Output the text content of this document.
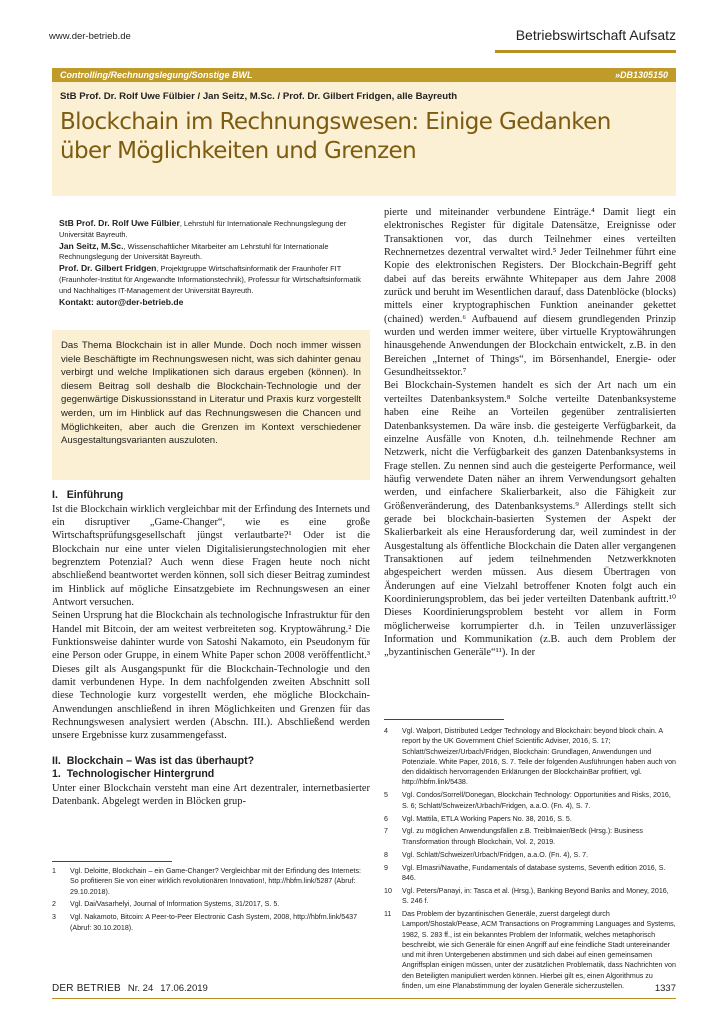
www.der-betrieb.de	Betriebswirtschaft Aufsatz
Controlling/Rechnungslegung/Sonstige BWL	»DB1305150
StB Prof. Dr. Rolf Uwe Fülbier / Jan Seitz, M.Sc. / Prof. Dr. Gilbert Fridgen, alle Bayreuth
Blockchain im Rechnungswesen: Einige Gedanken
über Möglichkeiten und Grenzen

StB Prof. Dr. Rolf Uwe Fülbier, Lehrstuhl für Internationale Rechnungslegung der Universität Bayreuth.

Jan Seitz, M.Sc., Wissenschaftlicher Mitarbeiter am Lehrstuhl für Internationale Rechnungslegung der Universität Bayreuth.

Prof. Dr. Gilbert Fridgen, Projektgruppe Wirtschaftsinformatik der Fraunhofer FIT (Fraunhofer-Institut für Angewandte Informationstechnik), Professur für Wirtschaftsinformatik und Nachhaltiges IT-Management der Universität Bayreuth.

Kontakt: autor@der-betrieb.de

Das Thema Blockchain ist in aller Munde. Doch noch immer wissen viele Beschäftigte im Rechnungswesen nicht, was sich dahinter genau verbirgt und welche Implikationen sich daraus ergeben (können). In diesem Beitrag soll deshalb die Blockchain-Technologie und der gegenwärtige Diskussionsstand in Literatur und Praxis kurz vorgestellt werden, um im Hinblick auf das Rechnungswesen die Chancen und Möglichkeiten, aber auch die Grenzen im Kontext verschiedener Ausgestaltungsvarianten auszuloten.
I.   Einführung

Ist die Blockchain wirklich vergleichbar mit der Erfindung des Internets und ein disruptiver „Game-Changer“, wie es eine große Wirtschaftsprüfungsgesellschaft jüngst verlautbarte?¹ Oder ist die Blockchain nur eine unter vielen Digitalisierungstechnologien mit eher begrenztem Potenzial? Auch wenn diese Fragen heute noch nicht abschließend beantwortet werden können, soll sich dieser Beitrag zumindest im Hinblick auf mögliche Einsatzgebiete im Rechnungswesen an einer Antwort versuchen.

Seinen Ursprung hat die Blockchain als technologische Infrastruktur für den Handel mit Bitcoin, der am weitest verbreiteten sog. Kryptowährung.² Die Funktionsweise dahinter wurde von Satoshi Nakamoto, ein Pseudonym für eine Person oder Gruppe, in einem White Paper schon 2008 veröffentlicht.³ Dieses gilt als Ausgangspunkt für die Blockchain-Technologie und den damit verbundenen Hype. In dem nachfolgenden zweiten Abschnitt soll diese Technologie kurz vorgestellt werden, ehe mögliche Blockchain-Anwendungen anschließend in ihren Möglichkeiten und Grenzen für das Rechnungswesen analysiert werden (Abschn. III.). Abschließend werden unsere Ergebnisse kurz zusammengefasst.

II.  Blockchain – Was ist das überhaupt?
1.  Technologischer Hintergrund

Unter einer Blockchain versteht man eine Art dezentraler, internetbasierter Datenbank. Abgelegt werden in Blöcken grup-

pierte und miteinander verbundene Einträge.⁴ Damit liegt ein elektronisches Register für digitale Datensätze, Ereignisse oder Transaktionen vor, das durch Teilnehmer eines verteilten Rechnernetzes dezentral verwaltet wird.⁵ Jeder Teilnehmer führt eine Kopie des elektronischen Registers. Der Blockchain-Begriff geht dabei auf das bereits erwähnte Whitepaper aus dem Jahre 2008 zurück und beruht im Wesentlichen darauf, dass Datenblöcke (blocks) mittels einer kryptographischen Funktion aneinander gekettet (chained) werden.⁶ Aufbauend auf diesem grundlegenden Prinzip wurden und werden immer weitere, über virtuelle Kryptowährungen hinausgehende Anwendungen der Blockchain entwickelt, z.B. in den Bereichen „Internet of Things“, im Börsenhandel, Energie- oder Gesundheitssektor.⁷

Bei Blockchain-Systemen handelt es sich der Art nach um ein verteiltes Datenbanksystem.⁸ Solche verteilte Datenbanksysteme haben eine Reihe an Vorteilen gegenüber zentralisierten Datenbanksystemen. Da wäre insb. die gesteigerte Verfügbarkeit, da einzelne Ausfälle von Knoten, d.h. teilnehmende Rechner am Netzwerk, nicht die Verfügbarkeit des ganzen Datenbanksystems in Frage stellen. Zu nennen sind auch die gesteigerte Performance, weil häufig verwendete Daten näher an ihrem Verwendungsort gehalten werden, und einfachere Skalierbarkeit, also die Fähigkeit zur Größenveränderung, des Datenbanksystems.⁹ Allerdings stellt sich gerade bei blockchain-basierten Systemen der Aspekt der Skalierbarkeit als eine Herausforderung dar, weil zumindest in der Ausgestaltung als öffentliche Blockchain die Daten aller vergangenen Transaktionen auf jedem teilnehmenden Netzwerkknoten abgespeichert werden müssen. Aus diesem Übertragen von Änderungen auf eine Vielzahl betroffener Knoten folgt auch ein Koordinierungsproblem, das bei jeder verteilten Datenbank auftritt.¹⁰ Dieses Koordinierungsproblem besteht vor allem in Form möglicherweise korrumpierter d.h. in Teilen unzuverlässiger Information und Kommunikation (z.B. auch dem Problem der „byzantinischen Generäle“¹¹). In der

1	Vgl. Deloitte, Blockchain – ein Game-Changer? Vergleichbar mit der Erfindung des Internets: So profitieren Sie von einer wirklich revolutionären Innovation!, http://hbfm.link/5287 (Abruf: 29.10.2018).
2	Vgl. Dai/Vasarhelyi, Journal of Information Systems, 31/2017, S. 5.
3	Vgl. Nakamoto, Bitcoin: A Peer-to-Peer Electronic Cash System, 2008, http://hbfm.link/5437 (Abruf: 30.10.2018).
4	Vgl. Walport, Distributed Ledger Technology and Blockchain: beyond block chain. A report by the UK Government Chief Scientific Adviser, 2016, S. 17; Schlatt/Schweizer/Urbach/Fridgen, Blockchain: Grundlagen, Anwendungen und Potenziale. White Paper, 2016, S. 7. Teile der folgenden Ausführungen haben auch von den didaktisch hervorragenden Erklärungen der BlockchainBar profitiert, vgl. http://hbfm.link/5438.
5	Vgl. Condos/Sorrell/Donegan, Blockchain Technology: Opportunities and Risks, 2016, S. 6; Schlatt/Schweizer/Urbach/Fridgen, a.a.O. (Fn. 4), S. 7.
6	Vgl. Mattila, ETLA Working Papers No. 38, 2016, S. 5.
7	Vgl. zu möglichen Anwendungsfällen z.B. Treiblmaier/Beck (Hrsg.): Business Transformation through Blockchain, Vol. 2, 2019.
8	Vgl. Schlatt/Schweizer/Urbach/Fridgen, a.a.O. (Fn. 4), S. 7.
9	Vgl. Elmasri/Navathe, Fundamentals of database systems, Seventh edition 2016, S. 846.
10	Vgl. Peters/Panayi, in: Tasca et al. (Hrsg.), Banking Beyond Banks and Money, 2016, S. 246 f.
11	Das Problem der byzantinischen Generäle, zuerst dargelegt durch Lamport/Shostak/Pease, ACM Transactions on Programming Languages and Systems, 1982, S. 283 ff., ist ein bekanntes Problem der Informatik, welches metaphorisch beschreibt, wie sich Generäle für einen Angriff auf eine feindliche Stadt untereinander und mit ihren Untergebenen abstimmen und sich dabei auf einen gemeinsamen Angriffsplan einigen müssen, unter der zusätzlichen Problematik, dass Nachrichten von den Beteiligten manipuliert werden können. Hierbei gilt es, einen Algorithmus zu finden, um eine Planabstimmung der loyalen Generäle sicherzustellen.
DER BETRIEB Nr. 24 17.06.2019	1337
